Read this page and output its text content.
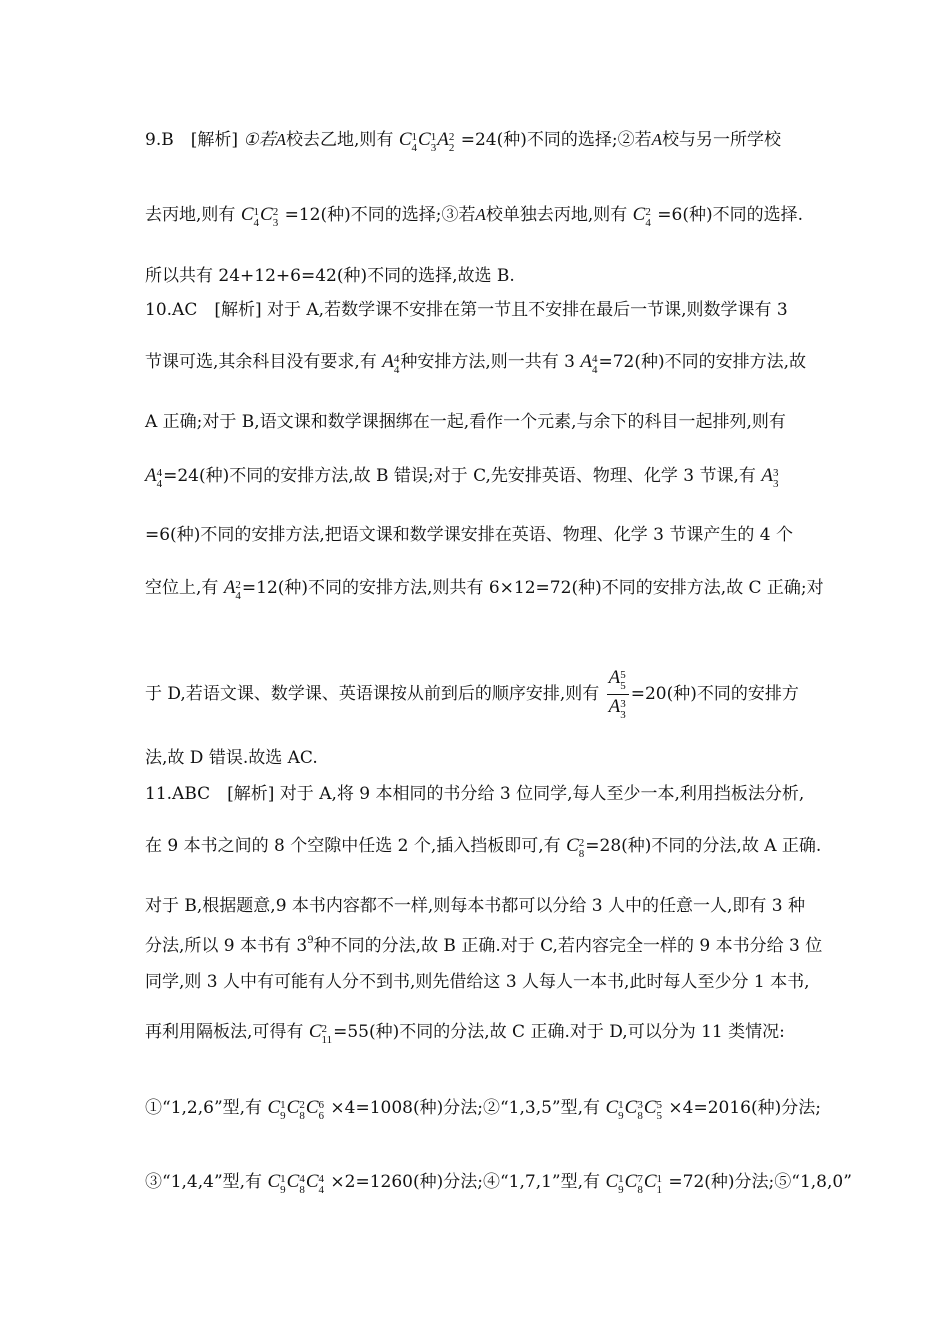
9.B　[解析] ①若A校去乙地,则有 C 1
4 C 1
3 A 2
2 =24(种)不同的选择;②若A校与另一所学校
去丙地,则有 C 1
4 C 2
3 =12(种)不同的选择;③若A校单独去丙地,则有 C 2
4 =6(种)不同的选择.
所以共有 24+12+6=42(种)不同的选择,故选 B.
10.AC　[解析] 对于 A,若数学课不安排在第一节且不安排在最后一节课,则数学课有 3
节课可选,其余科目没有要求,有 A 4
4 种安排方法,则一共有 3 A 4
4 =72(种)不同的安排方法,故
A 正确;对于 B,语文课和数学课捆绑在一起,看作一个元素,与余下的科目一起排列,则有
A 4
4 =24(种)不同的安排方法,故 B 错误;对于 C,先安排英语、物理、化学 3 节课,有 A 3
3
=6(种)不同的安排方法,把语文课和数学课安排在英语、物理、化学 3 节课产生的 4 个
空位上,有 A 2
4 =12(种)不同的安排方法,则共有 6×12=72(种)不同的安排方法,故 C 正确;对
于 D,若语文课、数学课、英语课按从前到后的顺序安排,则有 A 5
5
A 3
3 =20(种)不同的安排方
法,故 D 错误.故选 AC.
11.ABC　[解析] 对于 A,将 9 本相同的书分给 3 位同学,每人至少一本,利用挡板法分析,
在 9 本书之间的 8 个空隙中任选 2 个,插入挡板即可,有 C 2
8 =28(种)不同的分法,故 A 正确.
对于 B,根据题意,9 本书内容都不一样,则每本书都可以分给 3 人中的任意一人,即有 3 种
分法,所以 9 本书有 $3^9$种不同的分法,故 B 正确.对于 C,若内容完全一样的 9 本书分给 3 位
同学,则 3 人中有可能有人分不到书,则先借给这 3 人每人一本书,此时每人至少分 1 本书,
再利用隔板法,可得有 C 2
11 =55(种)不同的分法,故 C 正确.对于 D,可以分为 11 类情况:
①“1,2,6”型,有 C 1
9 C 2
8 C 6
6 ×4=1008(种)分法;②“1,3,5”型,有 C 1
9 C 3
8 C 5
5 ×4=2016(种)分法;
③“1,4,4”型,有 C 1
9 C 4
8 C 4
4 ×2=1260(种)分法;④“1,7,1”型,有 C 1
9 C 7
8 C 1
1 =72(种)分法;⑤“1,8,0”
